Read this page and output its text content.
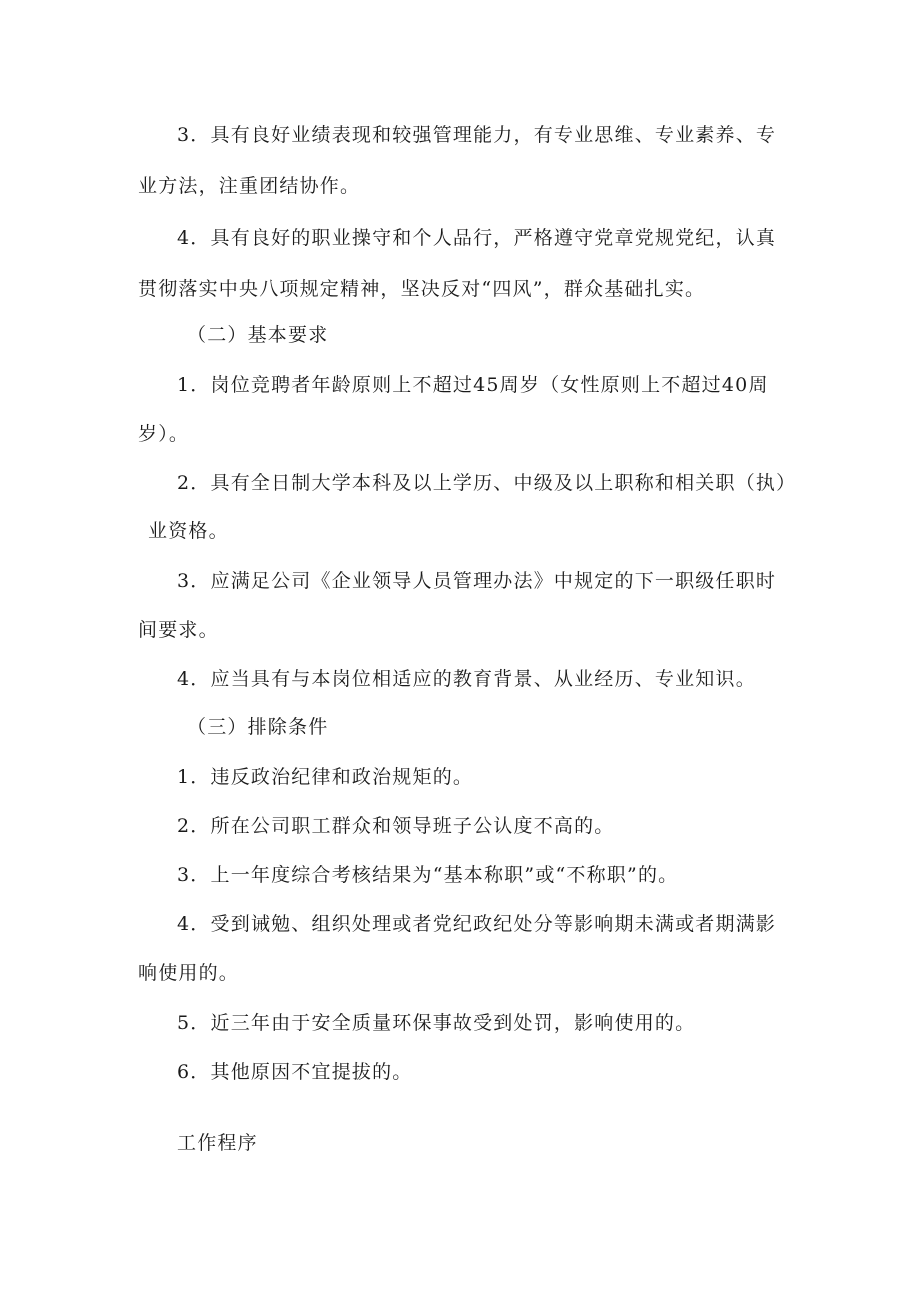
3．具有良好业绩表现和较强管理能力，有专业思维、专业素养、专
业方法，注重团结协作。
4．具有良好的职业操守和个人品行，严格遵守党章党规党纪，认真
贯彻落实中央八项规定精神，坚决反对“四风”，群众基础扎实。
（二）基本要求
1．岗位竞聘者年龄原则上不超过45周岁（女性原则上不超过40周
岁）。
2．具有全日制大学本科及以上学历、中级及以上职称和相关职（执）
业资格。
3．应满足公司《企业领导人员管理办法》中规定的下一职级任职时
间要求。
4．应当具有与本岗位相适应的教育背景、从业经历、专业知识。
（三）排除条件
1．违反政治纪律和政治规矩的。
2．所在公司职工群众和领导班子公认度不高的。
3．上一年度综合考核结果为“基本称职”或“不称职”的。
4．受到诫勉、组织处理或者党纪政纪处分等影响期未满或者期满影
响使用的。
5．近三年由于安全质量环保事故受到处罚，影响使用的。
6．其他原因不宜提拔的。
工作程序
